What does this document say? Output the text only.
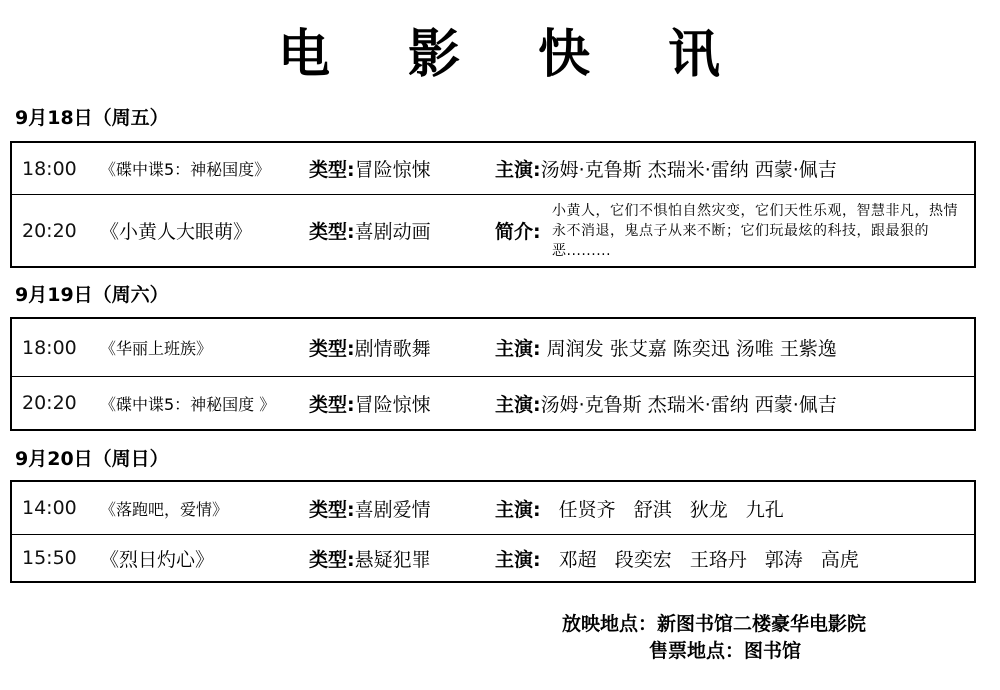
电 影 快 讯
9月18日（周五）
18:00 《碟中谍5：神秘国度》 类型: 冒险惊悚	主演: 汤姆·克鲁斯 杰瑞米·雷纳 西蒙·佩吉
20:20 《小黄人大眼萌》	类型: 喜剧动画	简介:
小黄人，它们不惧怕自然灾变，它们天性乐观，智慧非凡，热情永不消退，鬼点子从来不断；它们玩最炫的科技，跟最狠的恶.........
9月19日（周六）
18:00 《华丽上班族》	类型: 剧情歌舞	主演: 周润发 张艾嘉 陈奕迅 汤唯 王紫逸
20:20 《碟中谍5：神秘国度 》 类型: 冒险惊悚	主演: 汤姆·克鲁斯 杰瑞米·雷纳 西蒙·佩吉
9月20日（周日）
14:00 《落跑吧，爱情》	类型: 喜剧爱情	主演: 任贤齐 舒淇 狄龙 九孔
15:50 《烈日灼心》	类型: 悬疑犯罪	主演: 邓超 段奕宏 王珞丹 郭涛 高虎
放映地点：新图书馆二楼豪华电影院
售票地点：图书馆
